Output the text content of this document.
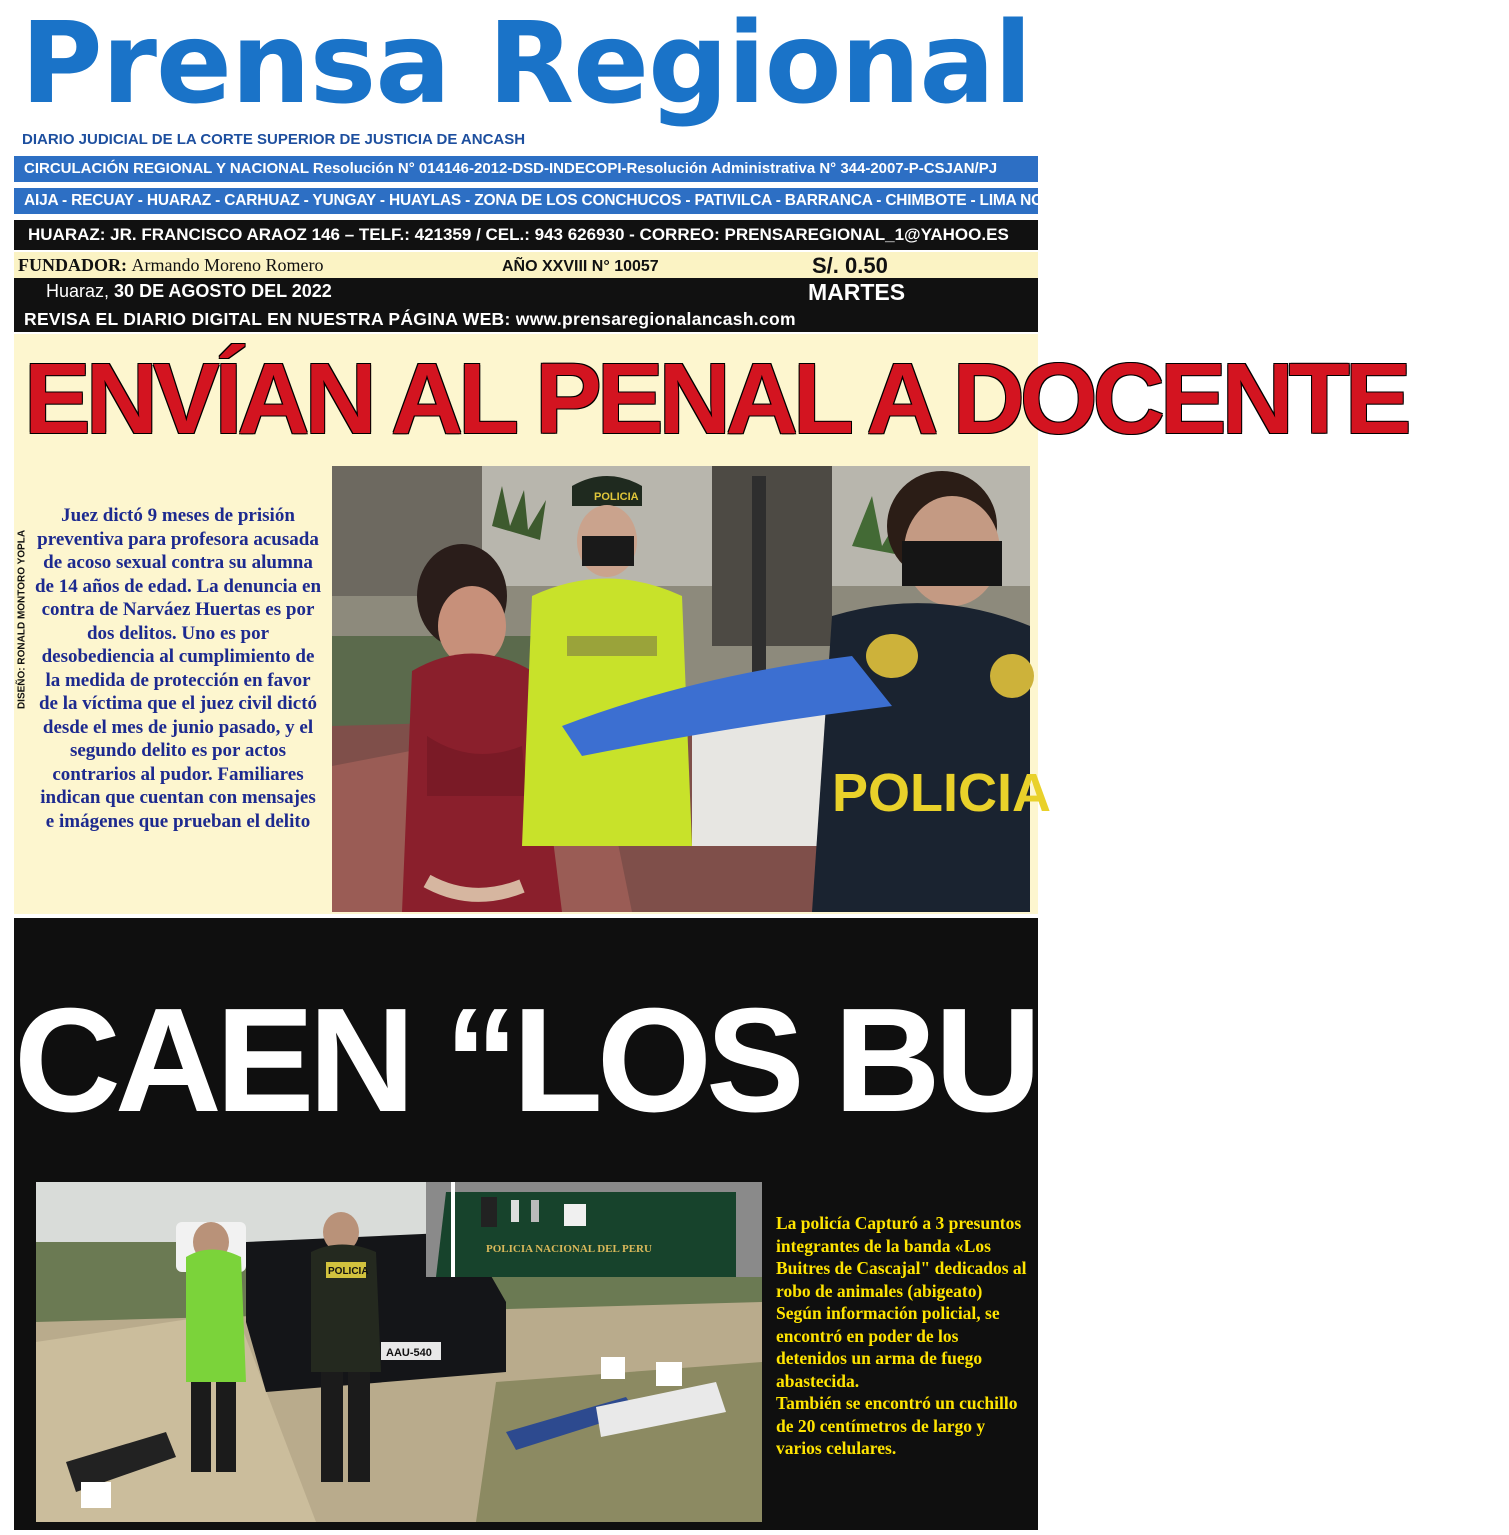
Prensa Regional
DIARIO JUDICIAL DE LA CORTE SUPERIOR DE JUSTICIA DE ANCASH
CIRCULACIÓN REGIONAL Y NACIONAL Resolución N° 014146-2012-DSD-INDECOPI-Resolución Administrativa N° 344-2007-P-CSJAN/PJ
AIJA - RECUAY - HUARAZ - CARHUAZ - YUNGAY - HUAYLAS - ZONA DE LOS CONCHUCOS - PATIVILCA - BARRANCA - CHIMBOTE - LIMA NORTE
HUARAZ: JR. FRANCISCO ARAOZ 146 – TELF.: 421359 / CEL.: 943 626930 - CORREO: PRENSAREGIONAL_1@YAHOO.ES
FUNDADOR: Armando Moreno Romero	AÑO XXVIII N° 10057	S/. 0.50
Huaraz, 30 DE AGOSTO DEL 2022	MARTES
REVISA EL DIARIO DIGITAL EN NUESTRA PÁGINA WEB: www.prensaregionalancash.com
DISEÑO: RONALD MONTORO YOPLA
ENVÍAN AL PENAL A DOCENTE
Juez dictó 9 meses de prisión preventiva para profesora acusada de acoso sexual contra su alumna de 14 años de edad. La denuncia en contra de Narváez Huertas es por dos delitos. Uno es por desobediencia al cumplimiento de la medida de protección en favor de la víctima que el juez civil dictó desde el mes de junio pasado, y el segundo delito es por actos contrarios al pudor. Familiares indican que cuentan con mensajes e imágenes que prueban el delito
POLICIA
POLICIA
CAEN “LOS BUITRES”
AAU-540
POLICIA NACIONAL DEL PERU
POLICIA

La policía Capturó a 3 presuntos integrantes de la banda «Los Buitres de Cascajal" dedicados al robo de animales (abigeato) Según información policial, se encontró en poder de los detenidos un arma de fuego abastecida.

También se encontró un cuchillo de 20 centímetros de largo y varios celulares.
